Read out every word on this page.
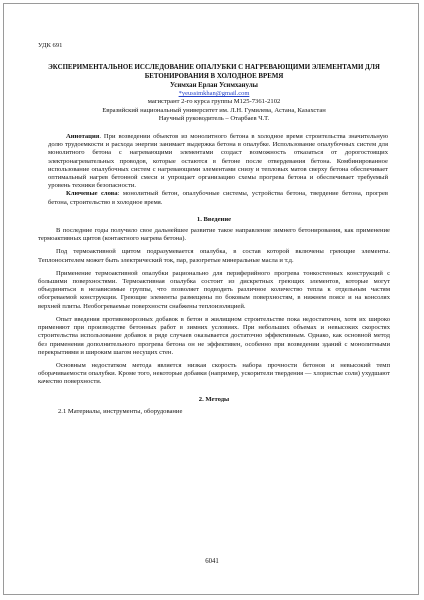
УДК 691
ЭКСПЕРИМЕНТАЛЬНОЕ ИССЛЕДОВАНИЕ ОПАЛУБКИ С НАГРЕВАЮЩИМИ ЭЛЕМЕНТАМИ ДЛЯ БЕТОНИРОВАНИЯ В ХОЛОДНОЕ ВРЕМЯ
Усимхан Ерлан Усимханулы
*yeussimkhan@gmail.com
магистрант 2-го курса группы М125-7361-2102
Евразийский национальный университет им. Л.Н. Гумилева, Астана, Казахстан
Научный руководитель – Отарбаев Ч.Т.

Аннотация. При возведении объектов из монолитного бетона в холодное время строительства значительную долю трудоемкости и расхода энергии занимает выдержка бетона в опалубке. Использование опалубочных систем для монолитного бетона с нагревающими элементами создаст возможность отказаться от дорогостоящих электронагревательных проводов, которые остаются в бетоне после отвердевания бетона. Комбинированное использование опалубочных систем с нагревающими элементами снизу и тепловых матов сверху бетона обеспечивает оптимальный нагрев бетонной смеси и упрощает организацию схемы прогрева бетона и обеспечивает требуемый уровень техники безопасности.

Ключевые слова: монолитный бетон, опалубочные системы, устройства бетона, твердение бетона, прогрев бетона, строительство в холодное время.

1. Введение

В последние годы получило свое дальнейшее развитие такое направление зимнего бетонирования, как применение термоактивных щитов (контактного нагрева бетона).

Под термоактивной щитом подразумевается опалубка, в состав которой включены греющие элементы. Теплоносителем может быть электрический ток, пар, разогретые минеральные масла и т.д.

Применение термоактивной опалубки рационально для периферийного прогрева тонкостенных конструкций с большими поверхностями. Термоактивная опалубка состоит из дискретных греющих элементов, которые могут объединяться в независимые группы, что позволяет подводить различное количество тепла к отдельным частям обогреваемой конструкции. Греющие элементы размещены по боковым поверхностям, в нижнем поясе и на консолях верхней плиты. Необогреваемые поверхности снабжены теплоизоляцией.

Опыт введения противоморозных добавок в бетон в жилищном строительстве пока недостаточен, хотя их широко применяют при производстве бетонных работ в зимних условиях. При небольших объемах и невысоких скоростях строительства использование добавок в ряде случаев оказывается достаточно эффективным. Однако, как основной метод без применения дополнительного прогрева бетона он не эффективен, особенно при возведении зданий с монолитными перекрытиями и широким шагом несущих стен.

Основным недостатком метода является низкая скорость набора прочности бетонов и невысокий темп оборачиваемости опалубки. Кроме того, некоторые добавки (например, ускорители твердения — хлористые соли) ухудшают качество поверхности.

2. Методы
2.1 Материалы, инструменты, оборудование
6041
